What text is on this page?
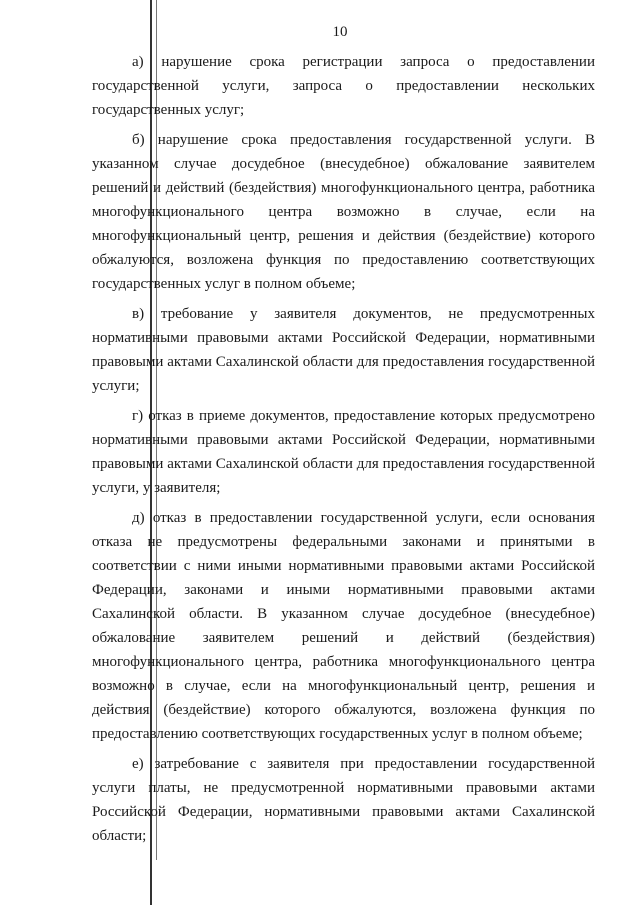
10

а) нарушение срока регистрации запроса о предоставлении государственной услуги, запроса о предоставлении нескольких государственных услуг;

б) нарушение срока предоставления государственной услуги. В указанном случае досудебное (внесудебное) обжалование заявителем решений и действий (бездействия) многофункционального центра, работника многофункционального центра возможно в случае, если на многофункциональный центр, решения и действия (бездействие) которого обжалуются, возложена функция по предоставлению соответствующих государственных услуг в полном объеме;

в) требование у заявителя документов, не предусмотренных нормативными правовыми актами Российской Федерации, нормативными правовыми актами Сахалинской области для предоставления государственной услуги;

г) отказ в приеме документов, предоставление которых предусмотрено нормативными правовыми актами Российской Федерации, нормативными правовыми актами Сахалинской области для предоставления государственной услуги, у заявителя;

д) отказ в предоставлении государственной услуги, если основания отказа не предусмотрены федеральными законами и принятыми в соответствии с ними иными нормативными правовыми актами Российской Федерации, законами и иными нормативными правовыми актами Сахалинской области. В указанном случае досудебное (внесудебное) обжалование заявителем решений и действий (бездействия) многофункционального центра, работника многофункционального центра возможно в случае, если на многофункциональный центр, решения и действия (бездействие) которого обжалуются, возложена функция по предоставлению соответствующих государственных услуг в полном объеме;

е) затребование с заявителя при предоставлении государственной услуги платы, не предусмотренной нормативными правовыми актами Российской Федерации, нормативными правовыми актами Сахалинской области;
